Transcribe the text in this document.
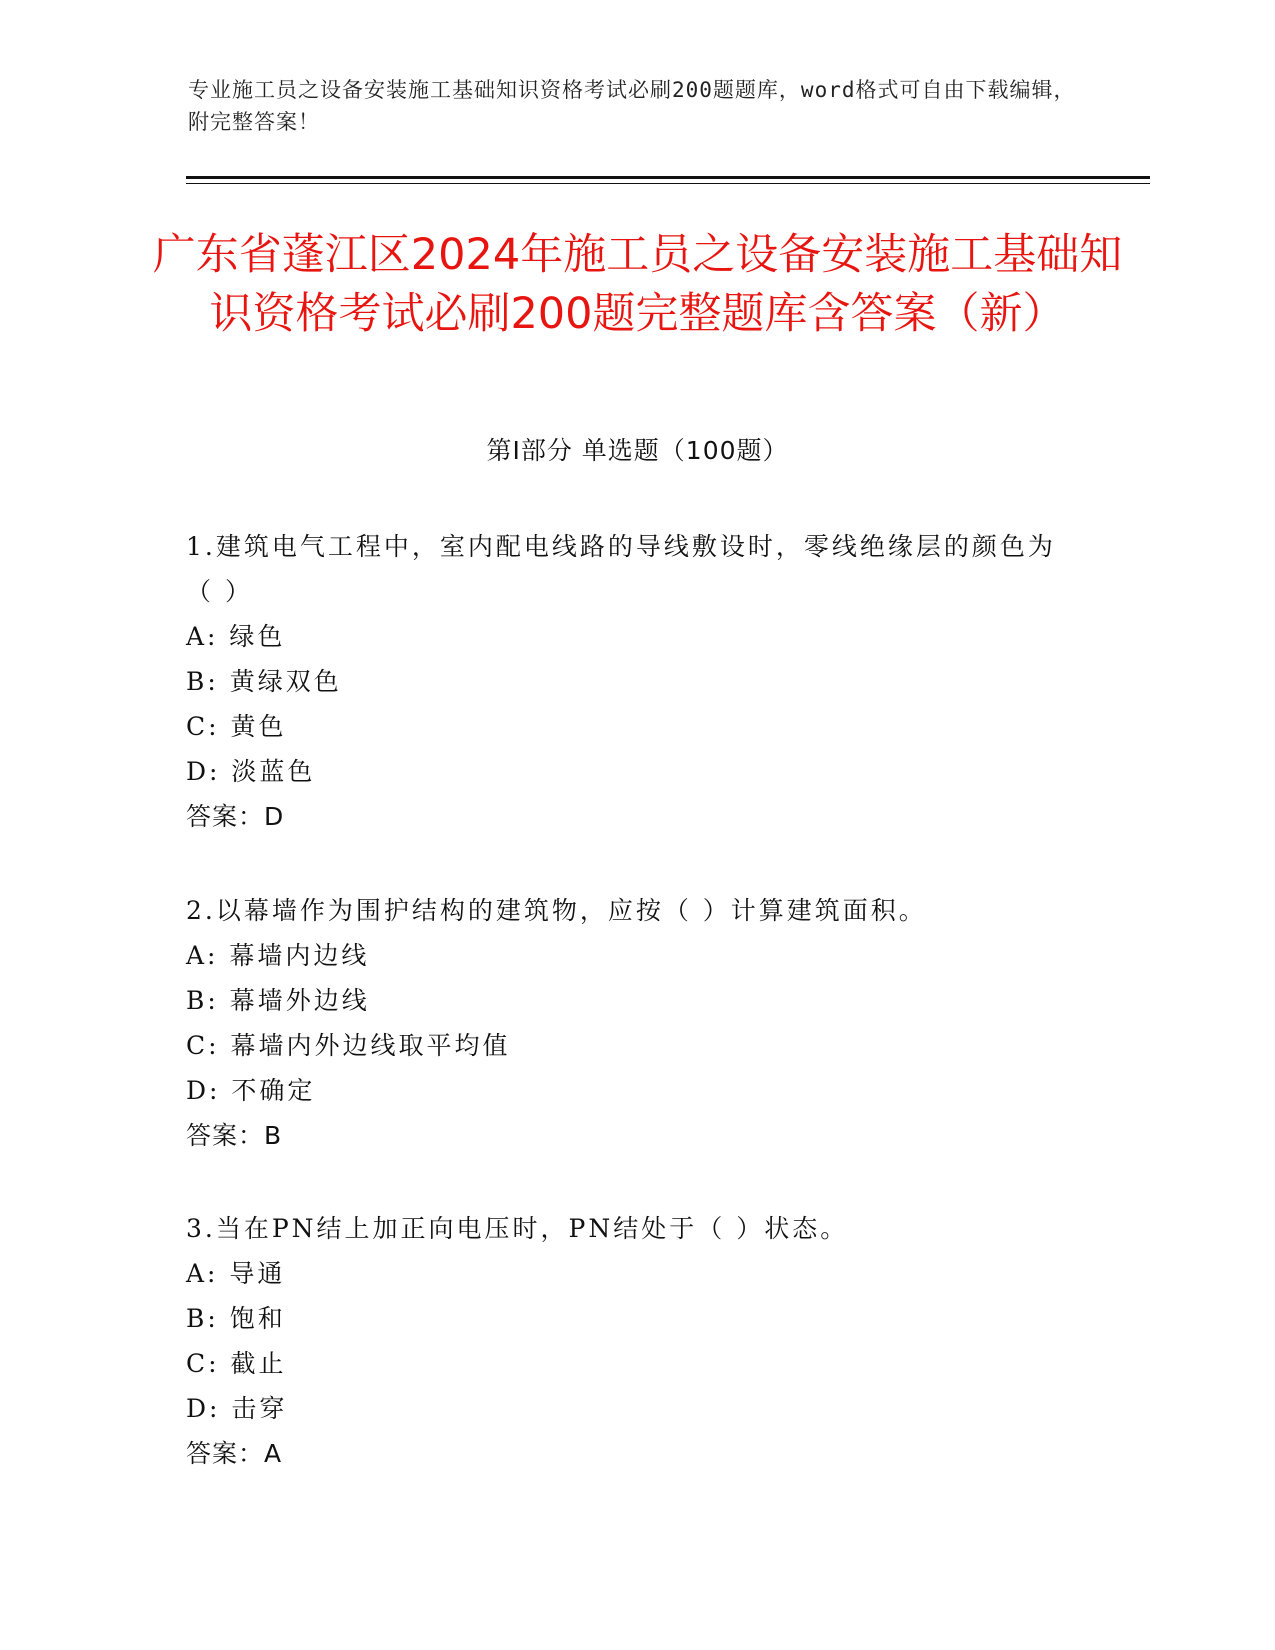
专业施工员之设备安装施工基础知识资格考试必刷200题题库，word格式可自由下载编辑，附完整答案！
广东省蓬江区2024年施工员之设备安装施工基础知识资格考试必刷200题完整题库含答案（新）
第I部分 单选题（100题）
1.建筑电气工程中，室内配电线路的导线敷设时，零线绝缘层的颜色为（ ）
A: 绿色
B: 黄绿双色
C: 黄色
D: 淡蓝色
答案：D
2.以幕墙作为围护结构的建筑物，应按（ ）计算建筑面积。
A: 幕墙内边线
B: 幕墙外边线
C: 幕墙内外边线取平均值
D: 不确定
答案：B
3.当在PN结上加正向电压时，PN结处于（ ）状态。
A: 导通
B: 饱和
C: 截止
D: 击穿
答案：A
